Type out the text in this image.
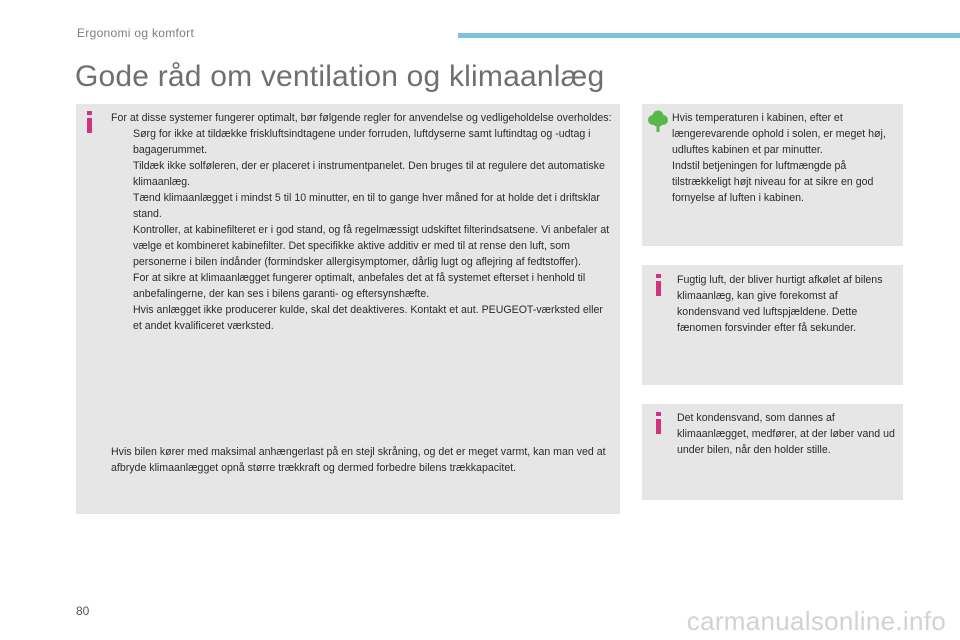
Ergonomi og komfort
Gode råd om ventilation og klimaanlæg

For at disse systemer fungerer optimalt, bør følgende regler for anvendelse og vedligeholdelse overholdes:

Sørg for ikke at tildække friskluftsindtagene under forruden, luftdyserne samt luftindtag og -udtag i bagagerummet.
Tildæk ikke solføleren, der er placeret i instrumentpanelet. Den bruges til at regulere det automatiske klimaanlæg.
Tænd klimaanlægget i mindst 5 til 10 minutter, en til to gange hver måned for at holde det i driftsklar stand.
Kontroller, at kabinefilteret er i god stand, og få regelmæssigt udskiftet filterindsatsene. Vi anbefaler at vælge et kombineret kabinefilter. Det specifikke aktive additiv er med til at rense den luft, som personerne i bilen indånder (formindsker allergisymptomer, dårlig lugt og aflejring af fedtstoffer).
For at sikre at klimaanlægget fungerer optimalt, anbefales det at få systemet efterset i henhold til anbefalingerne, der kan ses i bilens garanti- og eftersynshæfte.
Hvis anlægget ikke producerer kulde, skal det deaktiveres. Kontakt et aut. PEUGEOT-værksted eller et andet kvalificeret værksted.
Hvis bilen kører med maksimal anhængerlast på en stejl skråning, og det er meget varmt, kan man ved at afbryde klimaanlægget opnå større trækkraft og dermed forbedre bilens trækkapacitet.
Hvis temperaturen i kabinen, efter et længerevarende ophold i solen, er meget høj, udluftes kabinen et par minutter.
Indstil betjeningen for luftmængde på tilstrækkeligt højt niveau for at sikre en god fornyelse af luften i kabinen.
Fugtig luft, der bliver hurtigt afkølet af bilens klimaanlæg, kan give forekomst af kondensvand ved luftspjældene. Dette fænomen forsvinder efter få sekunder.
Det kondensvand, som dannes af klimaanlægget, medfører, at der løber vand ud under bilen, når den holder stille.
80	carmanualsonline.info
